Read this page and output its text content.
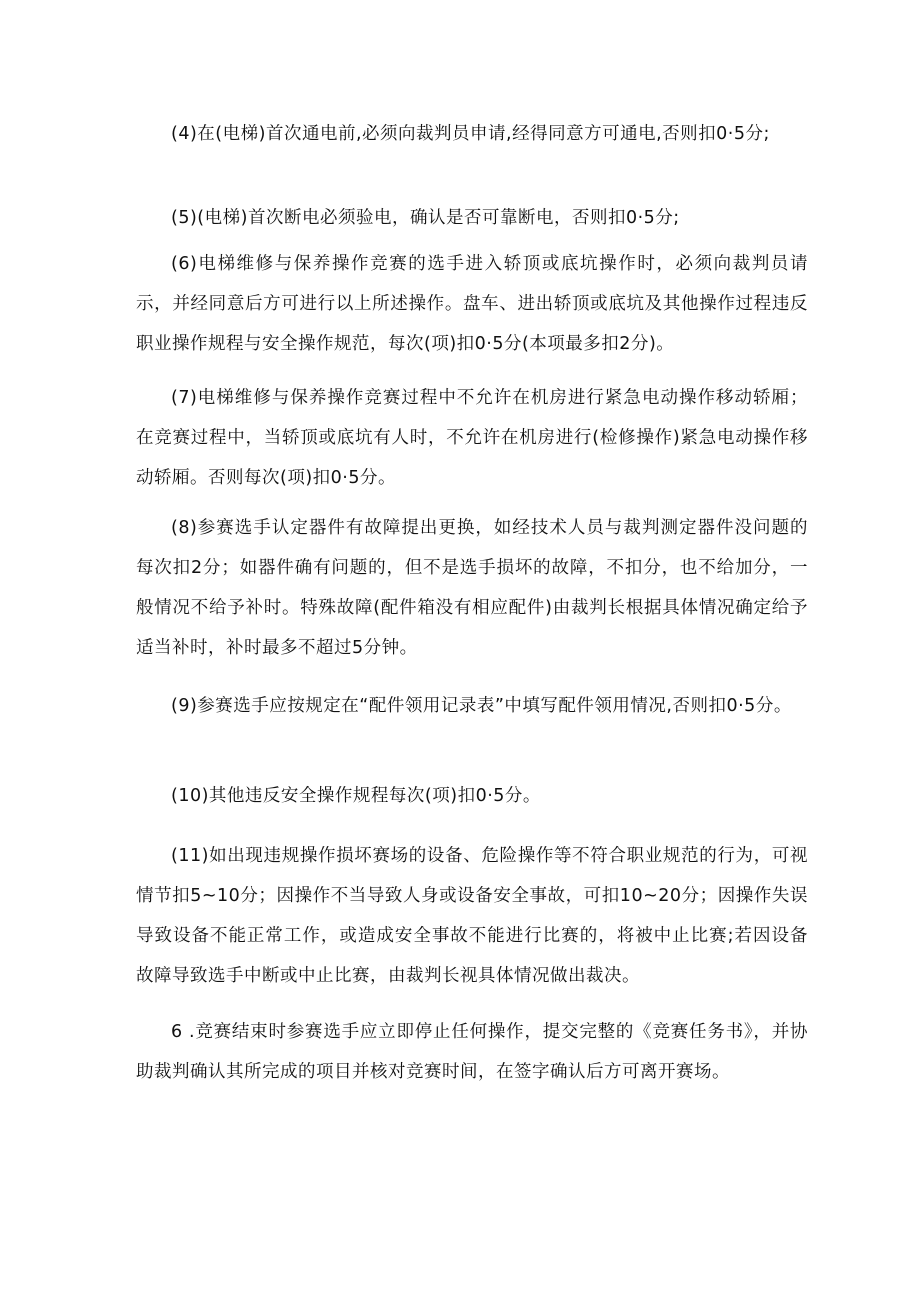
(4)在(电梯)首次通电前,必须向裁判员申请,经得同意方可通电,否则扣0·5分;

(5)(电梯)首次断电必须验电，确认是否可靠断电，否则扣0·5分;

(6)电梯维修与保养操作竞赛的选手进入轿顶或底坑操作时，必须向裁判员请示，并经同意后方可进行以上所述操作。盘车、进出轿顶或底坑及其他操作过程违反职业操作规程与安全操作规范，每次(项)扣0·5分(本项最多扣2分)。

(7)电梯维修与保养操作竞赛过程中不允许在机房进行紧急电动操作移动轿厢；在竞赛过程中，当轿顶或底坑有人时，不允许在机房进行(检修操作)紧急电动操作移动轿厢。否则每次(项)扣0·5分。

(8)参赛选手认定器件有故障提出更换，如经技术人员与裁判测定器件没问题的每次扣2分；如器件确有问题的，但不是选手损坏的故障，不扣分，也不给加分，一般情况不给予补时。特殊故障(配件箱没有相应配件)由裁判长根据具体情况确定给予适当补时，补时最多不超过5分钟。

(9)参赛选手应按规定在“配件领用记录表”中填写配件领用情况,否则扣0·5分。

(10)其他违反安全操作规程每次(项)扣0·5分。

(11)如出现违规操作损坏赛场的设备、危险操作等不符合职业规范的行为，可视情节扣5~10分；因操作不当导致人身或设备安全事故，可扣10~20分；因操作失误导致设备不能正常工作，或造成安全事故不能进行比赛的，将被中止比赛;若因设备故障导致选手中断或中止比赛，由裁判长视具体情况做出裁决。

6 .竞赛结束时参赛选手应立即停止任何操作，提交完整的《竞赛任务书》，并协助裁判确认其所完成的项目并核对竞赛时间，在签字确认后方可离开赛场。
